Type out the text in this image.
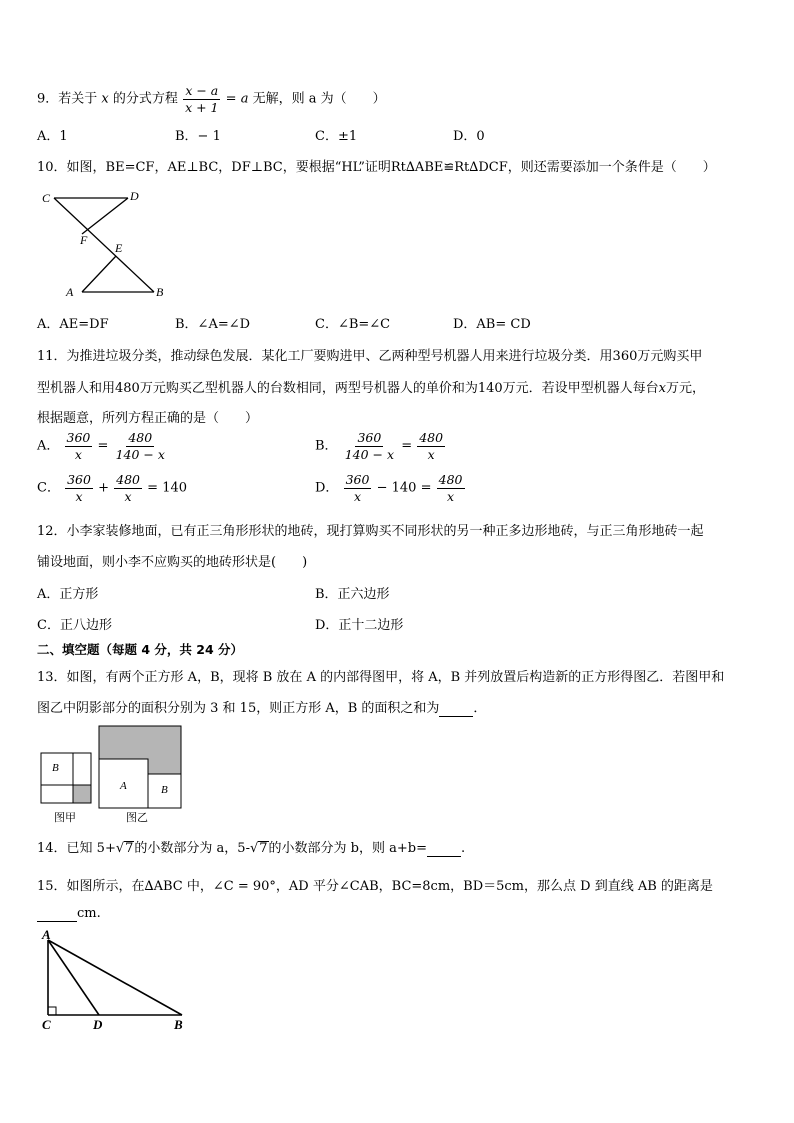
9．若关于 x 的分式方程 $\frac{x - a}{x + 1} = a$ 无解，则 a 为（　　）
A．1	B．− 1	C．±1	D．0
10．如图，BE=CF，AE⊥BC，DF⊥BC，要根据“HL”证明Rt∆ABE≌Rt∆DCF，则还需要添加一个条件是（　　）
C	D
F
E
A	B
A．AE=DF	B．∠A=∠D	C．∠B=∠C	D．AB= CD
11．为推进垃圾分类，推动绿色发展．某化工厂要购进甲、乙两种型号机器人用来进行垃圾分类．用360万元购买甲
型机器人和用480万元购买乙型机器人的台数相同，两型号机器人的单价和为140万元．若设甲型机器人每台x万元，
根据题意，所列方程正确的是（　　）
A． $\frac{360}{x} = \frac{480}{140 - x}$	B． $\frac{360}{140 - x} = \frac{480}{x}$
C． $\frac{360}{x} + \frac{480}{x} = 140$	D． $\frac{360}{x} - 140 = \frac{480}{x}$
12．小李家装修地面，已有正三角形形状的地砖，现打算购买不同形状的另一种正多边形地砖，与正三角形地砖一起
铺设地面，则小李不应购买的地砖形状是(　　)
A．正方形	B．正六边形
C．正八边形	D．正十二边形
二、填空题（每题 4 分，共 24 分）
13．如图，有两个正方形 A，B，现将 B 放在 A 的内部得图甲，将 A，B 并列放置后构造新的正方形得图乙．若图甲和
图乙中阴影部分的面积分别为 3 和 15，则正方形 A，B 的面积之和为	．
B
A	B
图甲	图乙
14．已知 5+√7的小数部分为 a，5-√7的小数部分为 b，则 a+b=	.
15．如图所示，在∆ABC 中，∠C = 90°，AD 平分∠CAB，BC=8cm，BD＝5cm，那么点 D 到直线 AB 的距离是
cm.
A
C	D	B
